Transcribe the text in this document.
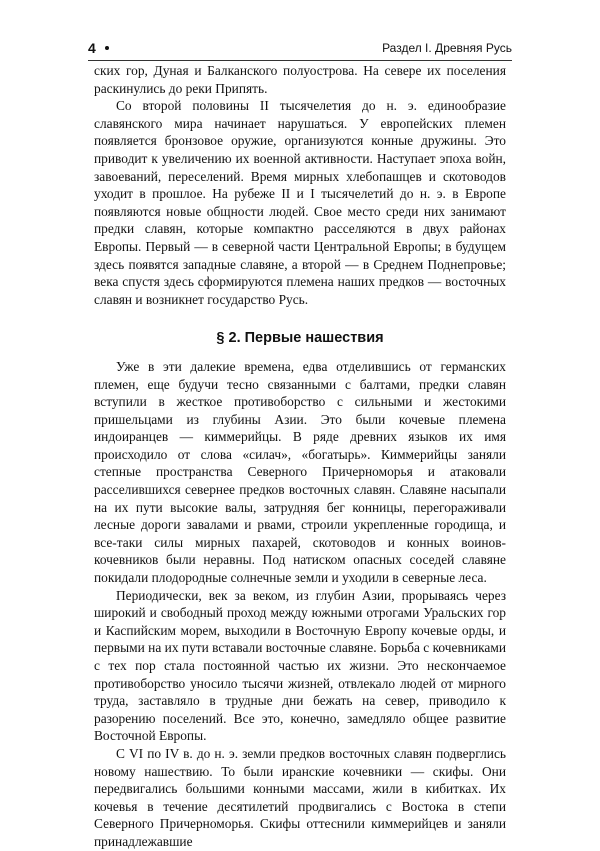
4	Раздел I. Древняя Русь

ских гор, Дуная и Балканского полуострова. На севере их поселения раскинулись до реки Припять.

Со второй половины II тысячелетия до н. э. единообразие славянского мира начинает нарушаться. У европейских племен появляется бронзовое оружие, организуются конные дружины. Это приводит к увеличению их военной активности. Наступает эпоха войн, завоеваний, переселений. Время мирных хлебопашцев и скотоводов уходит в прошлое. На рубеже II и I тысячелетий до н. э. в Европе появляются новые общности людей. Свое место среди них занимают предки славян, которые компактно расселяются в двух районах Европы. Первый — в северной части Центральной Европы; в будущем здесь появятся западные славяне, а второй — в Среднем Поднепровье; века спустя здесь сформируются племена наших предков — восточных славян и возникнет государство Русь.

§ 2. Первые нашествия

Уже в эти далекие времена, едва отделившись от германских племен, еще будучи тесно связанными с балтами, предки славян вступили в жесткое противоборство с сильными и жестокими пришельцами из глубины Азии. Это были кочевые племена индоиранцев — киммерийцы. В ряде древних языков их имя происходило от слова «силач», «богатырь». Киммерийцы заняли степные пространства Северного Причерноморья и атаковали расселившихся севернее предков восточных славян. Славяне насыпали на их пути высокие валы, затрудняя бег конницы, перегораживали лесные дороги завалами и рвами, строили укрепленные городища, и все-таки силы мирных пахарей, скотоводов и конных воинов-кочевников были неравны. Под натиском опасных соседей славяне покидали плодородные солнечные земли и уходили в северные леса.

Периодически, век за веком, из глубин Азии, прорываясь через широкий и свободный проход между южными отрогами Уральских гор и Каспийским морем, выходили в Восточную Европу кочевые орды, и первыми на их пути вставали восточные славяне. Борьба с кочевниками с тех пор стала постоянной частью их жизни. Это нескончаемое противоборство уносило тысячи жизней, отвлекало людей от мирного труда, заставляло в трудные дни бежать на север, приводило к разорению поселений. Все это, конечно, замедляло общее развитие Восточной Европы.

С VI по IV в. до н. э. земли предков восточных славян подверглись новому нашествию. То были иранские кочевники — скифы. Они передвигались большими конными массами, жили в кибитках. Их кочевья в течение десятилетий продвигались с Востока в степи Северного Причерноморья. Скифы оттеснили киммерийцев и заняли принадлежавшие
